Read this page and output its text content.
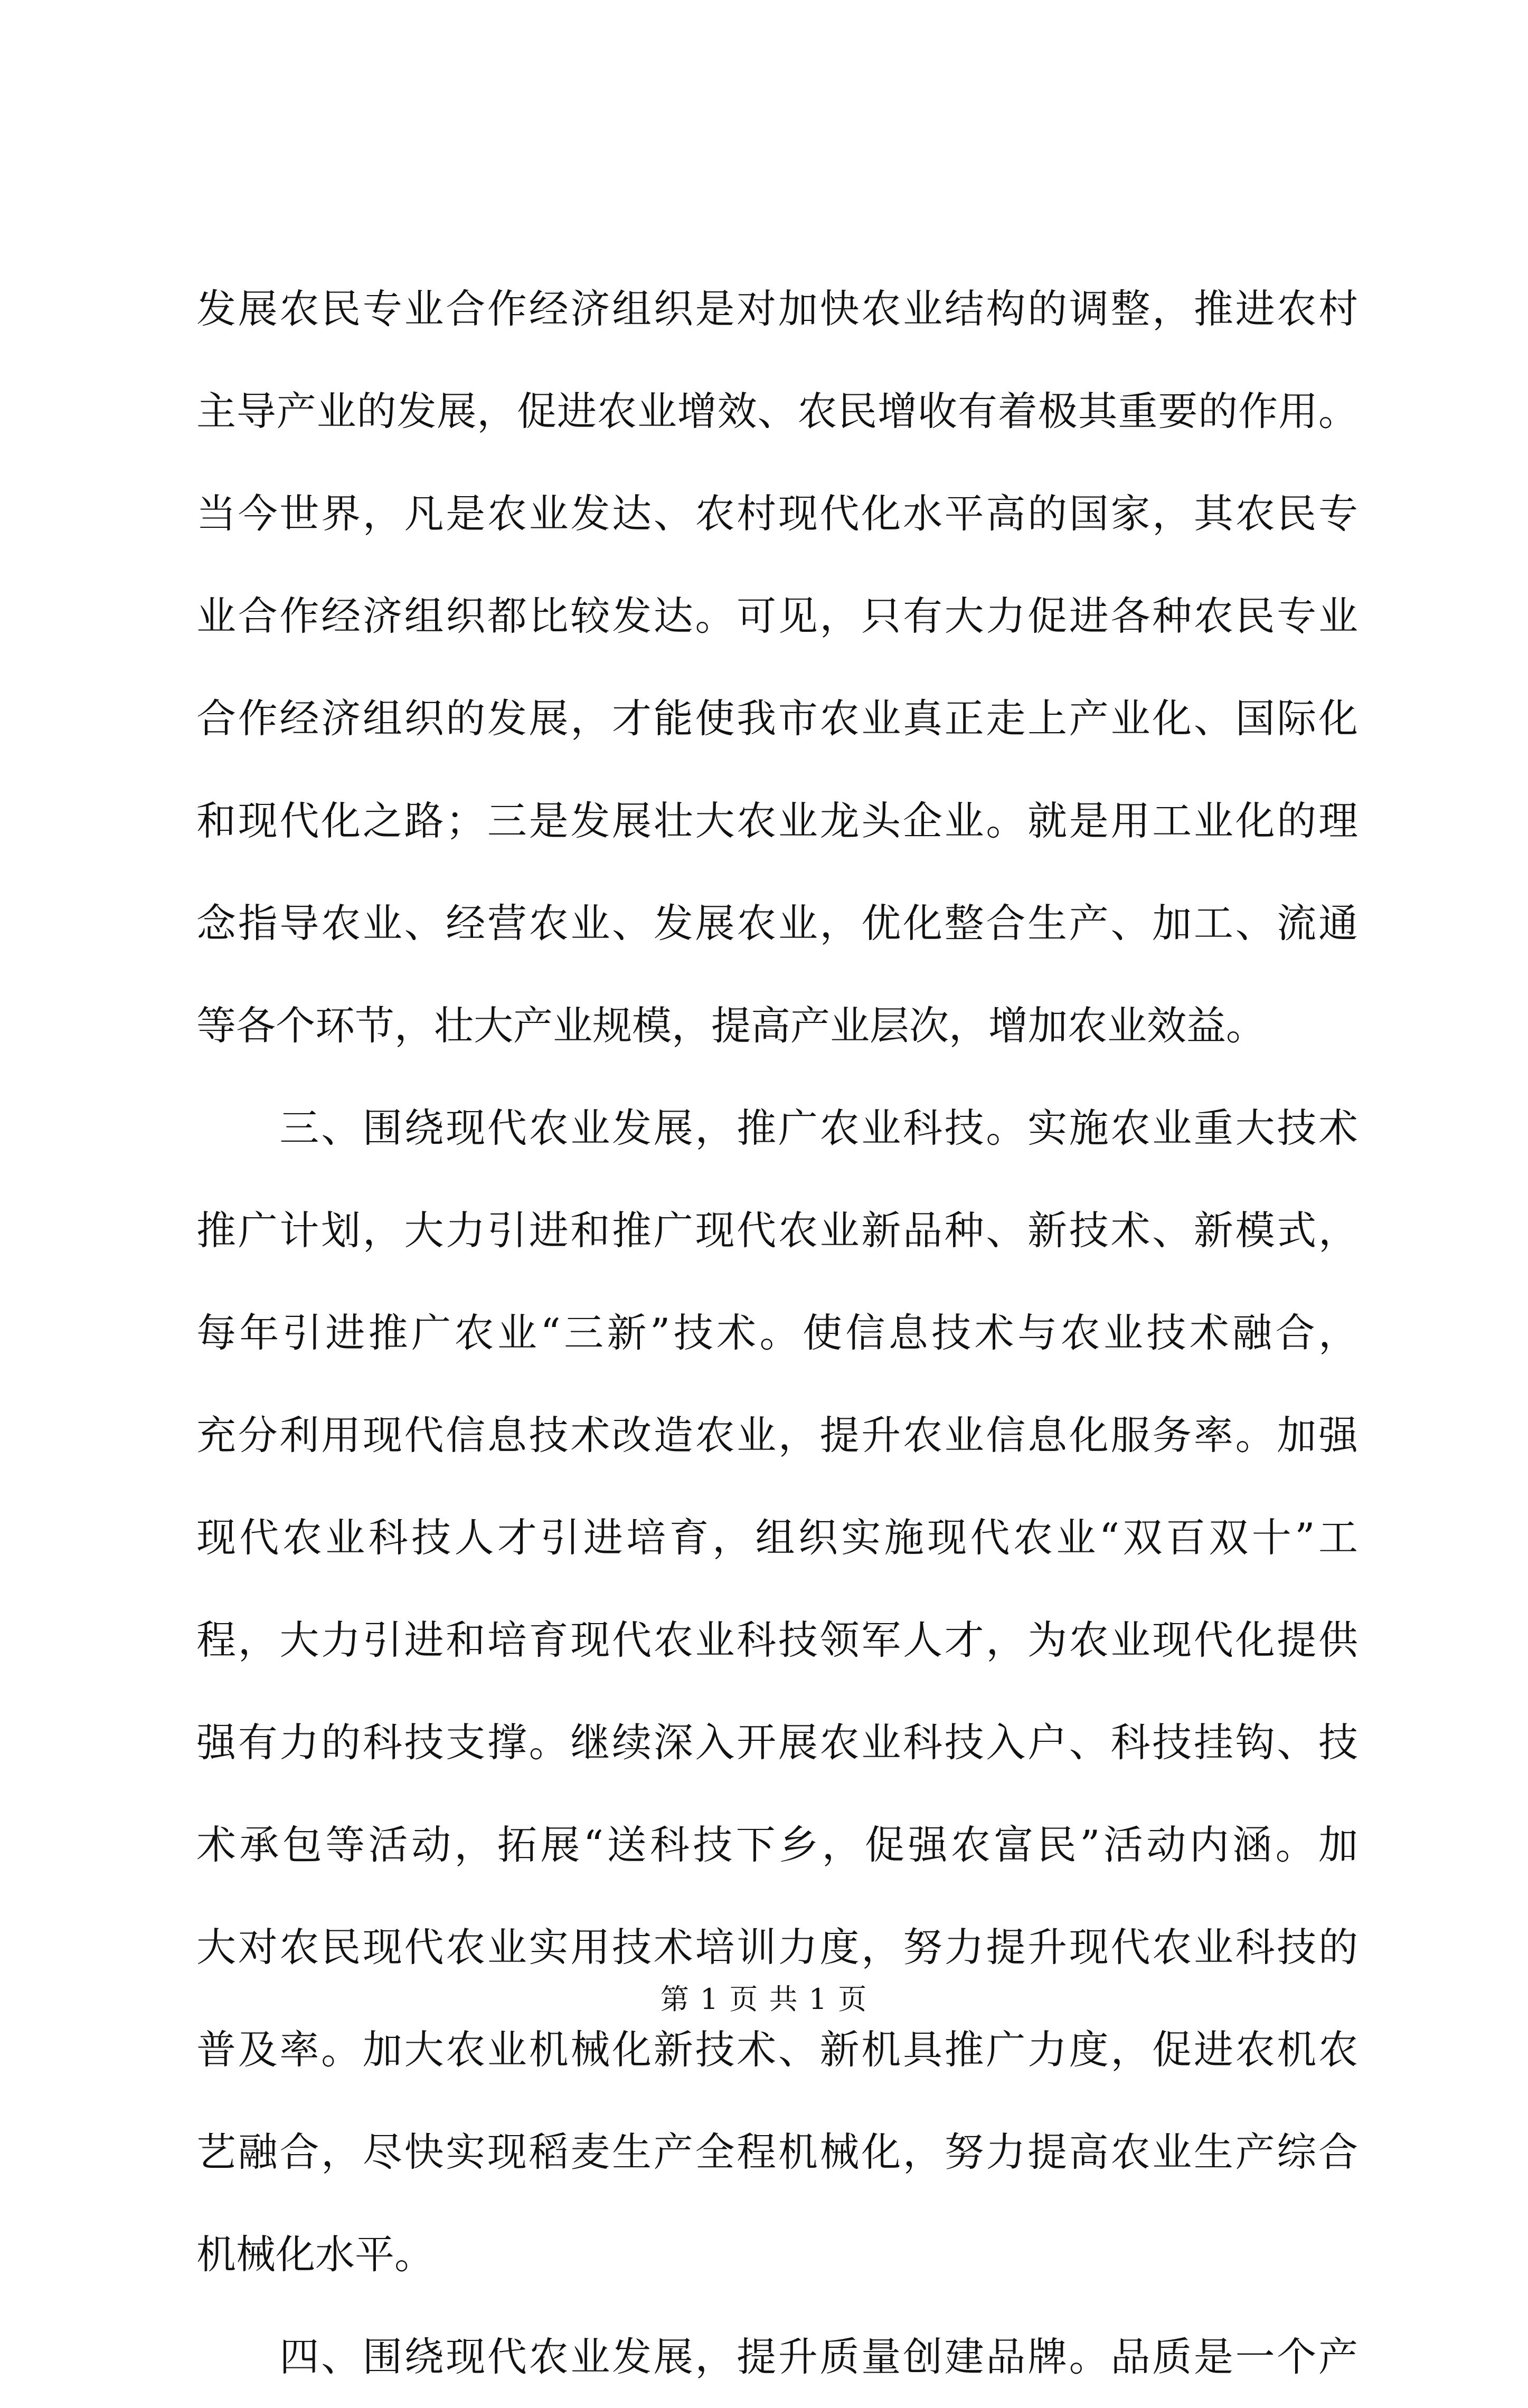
发展农民专业合作经济组织是对加快农业结构的调整，推进农村
主导产业的发展，促进农业增效、农民增收有着极其重要的作用。
当今世界，凡是农业发达、农村现代化水平高的国家，其农民专
业合作经济组织都比较发达。可见，只有大力促进各种农民专业
合作经济组织的发展，才能使我市农业真正走上产业化、国际化
和现代化之路；三是发展壮大农业龙头企业。就是用工业化的理
念指导农业、经营农业、发展农业，优化整合生产、加工、流通
等各个环节，壮大产业规模，提高产业层次，增加农业效益。
　　三、围绕现代农业发展，推广农业科技。实施农业重大技术
推广计划，大力引进和推广现代农业新品种、新技术、新模式，
每年引进推广农业“三新”技术。使信息技术与农业技术融合，
充分利用现代信息技术改造农业，提升农业信息化服务率。加强
现代农业科技人才引进培育，组织实施现代农业“双百双十”工
程，大力引进和培育现代农业科技领军人才，为农业现代化提供
强有力的科技支撑。继续深入开展农业科技入户、科技挂钩、技
术承包等活动，拓展“送科技下乡，促强农富民”活动内涵。加
大对农民现代农业实用技术培训力度，努力提升现代农业科技的
普及率。加大农业机械化新技术、新机具推广力度，促进农机农
艺融合，尽快实现稻麦生产全程机械化，努力提高农业生产综合
机械化水平。
　　四、围绕现代农业发展，提升质量创建品牌。品质是一个产
第 1 页 共 1 页
